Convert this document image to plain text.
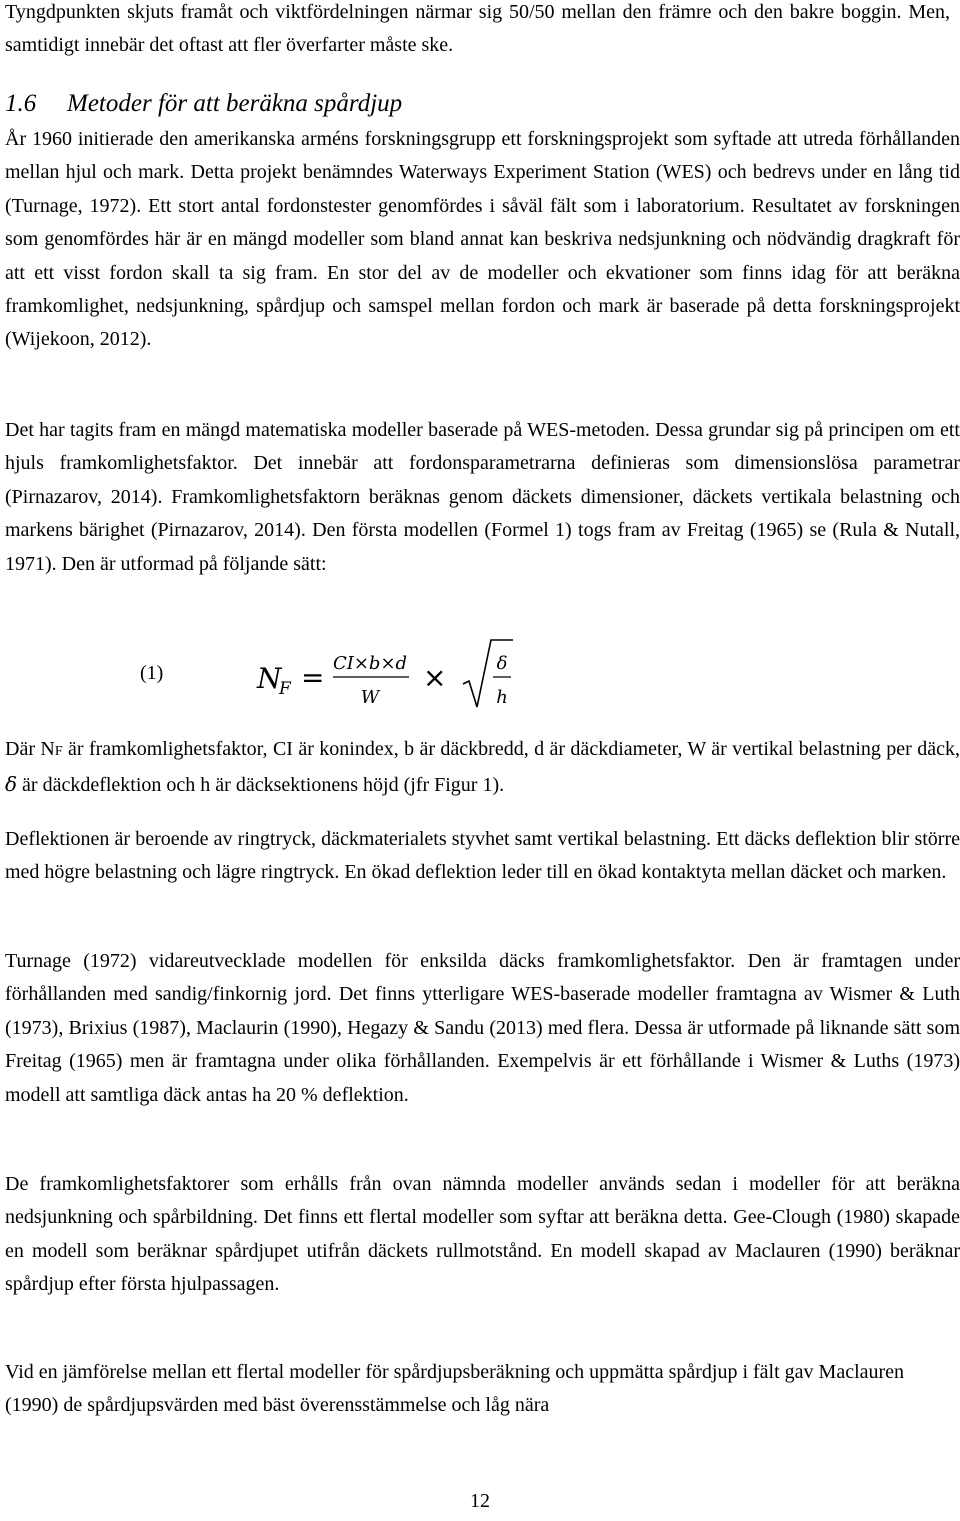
Tyngdpunkten skjuts framåt och viktfördelningen närmar sig 50/50 mellan den främre och den bakre boggin. Men, samtidigt innebär det oftast att fler överfarter måste ske.

1.6 Metoder för att beräkna spårdjup

År 1960 initierade den amerikanska arméns forskningsgrupp ett forskningsprojekt som syftade att utreda förhållanden mellan hjul och mark. Detta projekt benämndes Waterways Experiment Station (WES) och bedrevs under en lång tid (Turnage, 1972). Ett stort antal fordonstester genomfördes i såväl fält som i laboratorium. Resultatet av forskningen som genomfördes här är en mängd modeller som bland annat kan beskriva nedsjunkning och nödvändig dragkraft för att ett visst fordon skall ta sig fram. En stor del av de modeller och ekvationer som finns idag för att beräkna framkomlighet, nedsjunkning, spårdjup och samspel mellan fordon och mark är baserade på detta forskningsprojekt (Wijekoon, 2012).

Det har tagits fram en mängd matematiska modeller baserade på WES-metoden. Dessa grundar sig på principen om ett hjuls framkomlighetsfaktor. Det innebär att fordonsparametrarna definieras som dimensionslösa parametrar (Pirnazarov, 2014). Framkomlighetsfaktorn beräknas genom däckets dimensioner, däckets vertikala belastning och markens bärighet (Pirnazarov, 2014). Den första modellen (Formel 1) togs fram av Freitag (1965) se (Rula & Nutall, 1971). Den är utformad på följande sätt:

(1)	N
F = CI×b×d
W
×	δ
h

Där NF är framkomlighetsfaktor, CI är konindex, b är däckbredd, d är däckdiameter, W är vertikal belastning per däck, δ är däckdeflektion och h är däcksektionens höjd (jfr Figur 1).

Deflektionen är beroende av ringtryck, däckmaterialets styvhet samt vertikal belastning. Ett däcks deflektion blir större med högre belastning och lägre ringtryck. En ökad deflektion leder till en ökad kontaktyta mellan däcket och marken.

Turnage (1972) vidareutvecklade modellen för enksilda däcks framkomlighetsfaktor. Den är framtagen under förhållanden med sandig/finkornig jord. Det finns ytterligare WES-baserade modeller framtagna av Wismer & Luth (1973), Brixius (1987), Maclaurin (1990), Hegazy & Sandu (2013) med flera. Dessa är utformade på liknande sätt som Freitag (1965) men är framtagna under olika förhållanden. Exempelvis är ett förhållande i Wismer & Luths (1973) modell att samtliga däck antas ha 20 % deflektion.

De framkomlighetsfaktorer som erhålls från ovan nämnda modeller används sedan i modeller för att beräkna nedsjunkning och spårbildning. Det finns ett flertal modeller som syftar att beräkna detta. Gee-Clough (1980) skapade en modell som beräknar spårdjupet utifrån däckets rullmotstånd. En modell skapad av Maclauren (1990) beräknar spårdjup efter första hjulpassagen.

Vid en jämförelse mellan ett flertal modeller för spårdjupsberäkning och uppmätta spårdjup i fält gav Maclauren (1990) de spårdjupsvärden med bäst överensstämmelse och låg nära

12
